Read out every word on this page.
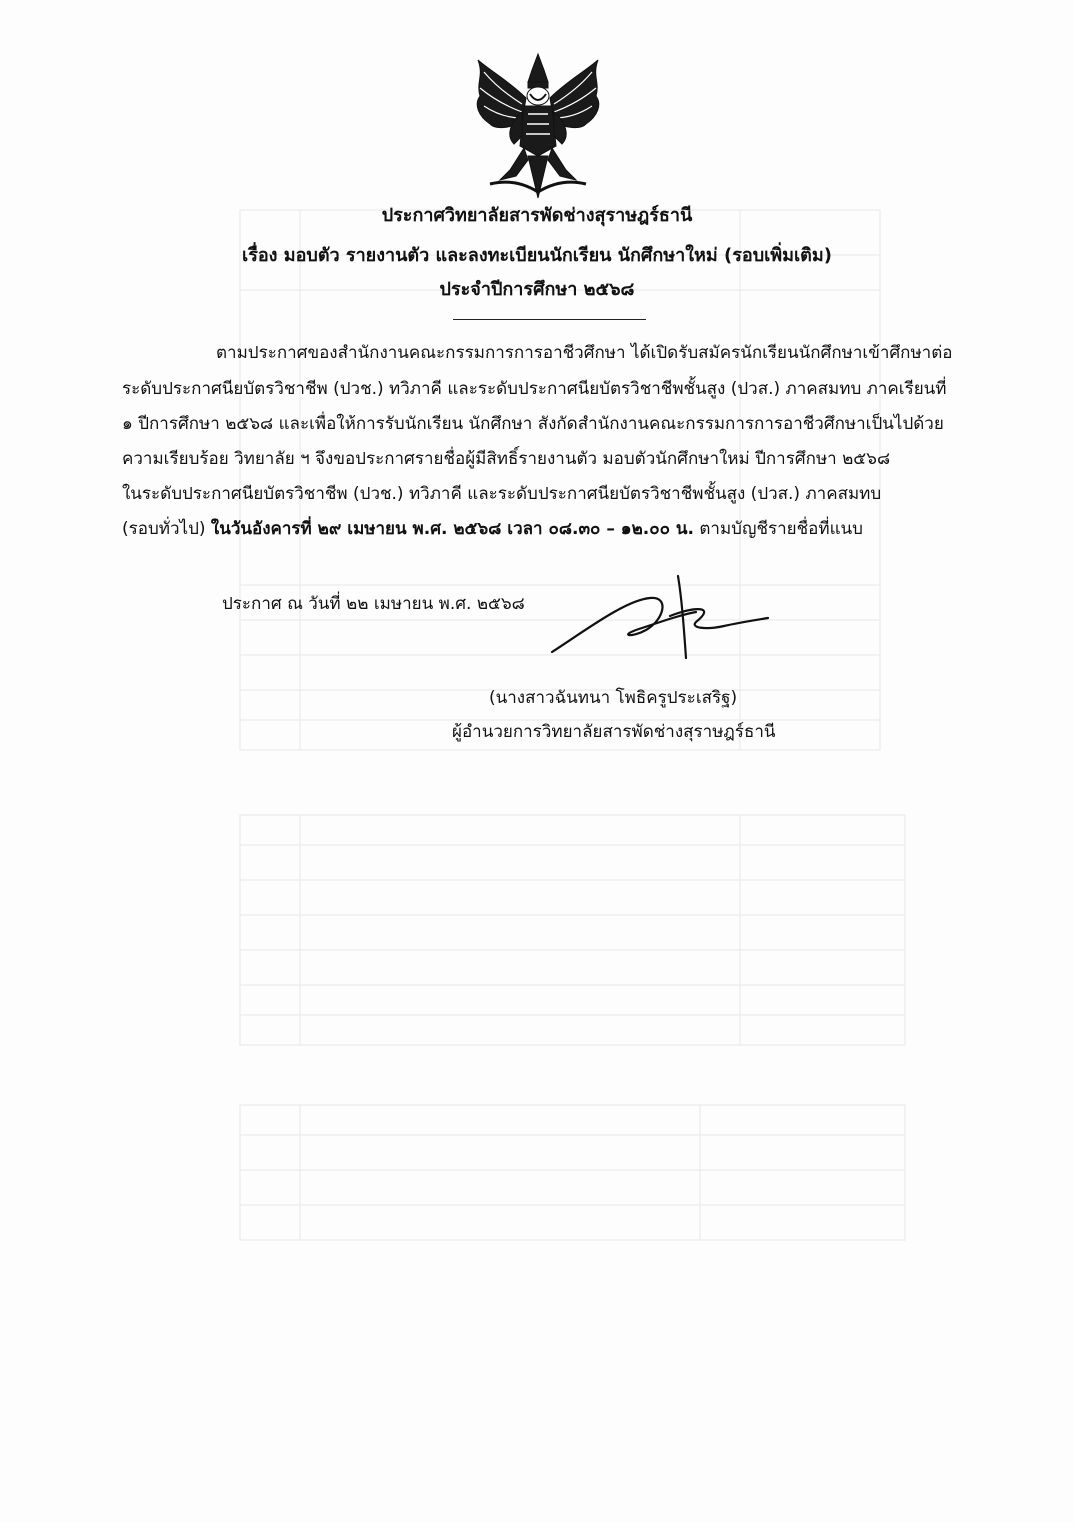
ประกาศวิทยาลัยสารพัดช่างสุราษฎร์ธานี
เรื่อง มอบตัว รายงานตัว และลงทะเบียนนักเรียน นักศึกษาใหม่ (รอบเพิ่มเติม)
ประจำปีการศึกษา ๒๕๖๘
ตามประกาศของสำนักงานคณะกรรมการการอาชีวศึกษา ได้เปิดรับสมัครนักเรียนนักศึกษาเข้าศึกษาต่อ
ระดับประกาศนียบัตรวิชาชีพ (ปวช.) ทวิภาคี และระดับประกาศนียบัตรวิชาชีพชั้นสูง (ปวส.) ภาคสมทบ ภาคเรียนที่
๑ ปีการศึกษา ๒๕๖๘ และเพื่อให้การรับนักเรียน นักศึกษา สังกัดสำนักงานคณะกรรมการการอาชีวศึกษาเป็นไปด้วย
ความเรียบร้อย วิทยาลัย ฯ จึงขอประกาศรายชื่อผู้มีสิทธิ์รายงานตัว มอบตัวนักศึกษาใหม่ ปีการศึกษา ๒๕๖๘
ในระดับประกาศนียบัตรวิชาชีพ (ปวช.) ทวิภาคี และระดับประกาศนียบัตรวิชาชีพชั้นสูง (ปวส.) ภาคสมทบ
(รอบทั่วไป) ในวันอังคารที่ ๒๙ เมษายน พ.ศ. ๒๕๖๘ เวลา ๐๘.๓๐ – ๑๒.๐๐ น. ตามบัญชีรายชื่อที่แนบ
ประกาศ ณ วันที่ ๒๒ เมษายน พ.ศ. ๒๕๖๘
(นางสาวฉันทนา โพธิครูประเสริฐ)
ผู้อำนวยการวิทยาลัยสารพัดช่างสุราษฎร์ธานี
